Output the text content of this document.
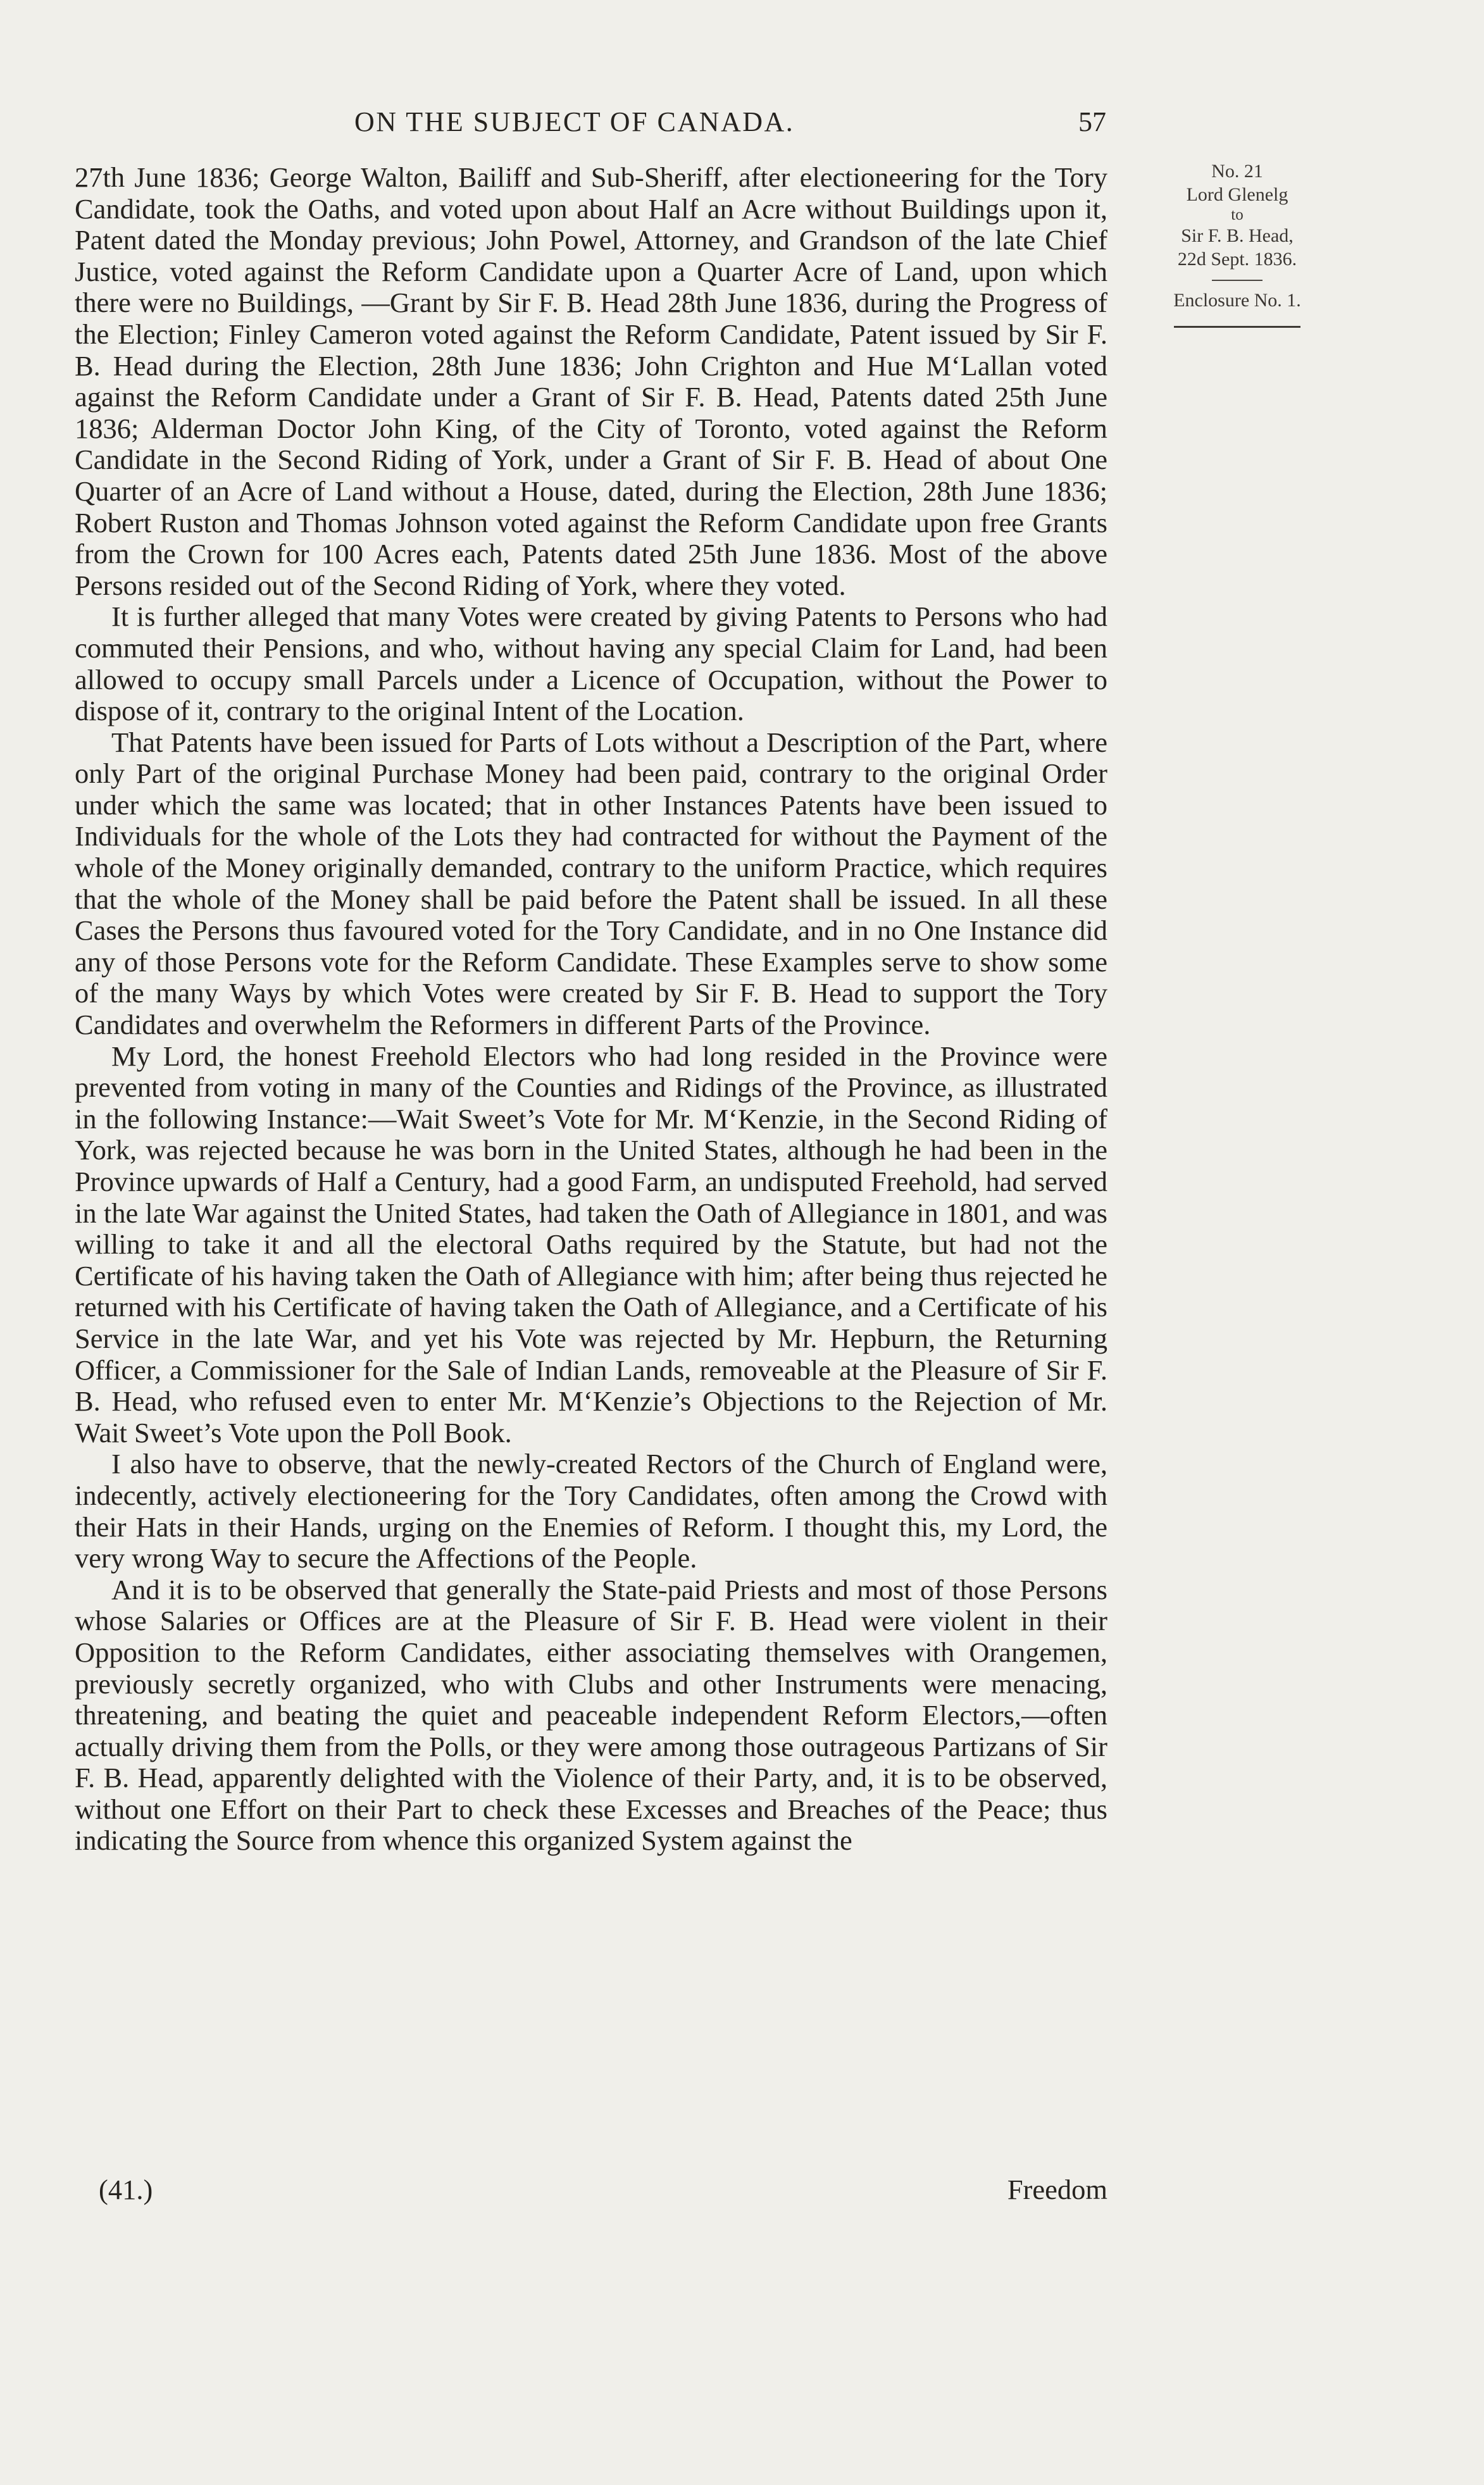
ON THE SUBJECT OF CANADA.	57

27th June 1836; George Walton, Bailiff and Sub-Sheriff, after electioneering for the Tory Candidate, took the Oaths, and voted upon about Half an Acre without Buildings upon it, Patent dated the Monday previous; John Powel, Attorney, and Grandson of the late Chief Justice, voted against the Reform Candidate upon a Quarter Acre of Land, upon which there were no Buildings, —Grant by Sir F. B. Head 28th June 1836, during the Progress of the Election; Finley Cameron voted against the Reform Candidate, Patent issued by Sir F. B. Head during the Election, 28th June 1836; John Crighton and Hue M‘Lallan voted against the Reform Candidate under a Grant of Sir F. B. Head, Patents dated 25th June 1836; Alderman Doctor John King, of the City of Toronto, voted against the Reform Candidate in the Second Riding of York, under a Grant of Sir F. B. Head of about One Quarter of an Acre of Land without a House, dated, during the Election, 28th June 1836; Robert Ruston and Thomas Johnson voted against the Reform Candidate upon free Grants from the Crown for 100 Acres each, Patents dated 25th June 1836. Most of the above Persons resided out of the Second Riding of York, where they voted.

It is further alleged that many Votes were created by giving Patents to Persons who had commuted their Pensions, and who, without having any special Claim for Land, had been allowed to occupy small Parcels under a Licence of Occupation, without the Power to dispose of it, contrary to the original Intent of the Location.

That Patents have been issued for Parts of Lots without a Description of the Part, where only Part of the original Purchase Money had been paid, contrary to the original Order under which the same was located; that in other Instances Patents have been issued to Individuals for the whole of the Lots they had contracted for without the Payment of the whole of the Money originally demanded, contrary to the uniform Practice, which requires that the whole of the Money shall be paid before the Patent shall be issued. In all these Cases the Persons thus favoured voted for the Tory Candidate, and in no One Instance did any of those Persons vote for the Reform Candidate. These Examples serve to show some of the many Ways by which Votes were created by Sir F. B. Head to support the Tory Candidates and overwhelm the Reformers in different Parts of the Province.

My Lord, the honest Freehold Electors who had long resided in the Province were prevented from voting in many of the Counties and Ridings of the Province, as illustrated in the following Instance:—Wait Sweet’s Vote for Mr. M‘Kenzie, in the Second Riding of York, was rejected because he was born in the United States, although he had been in the Province upwards of Half a Century, had a good Farm, an undisputed Freehold, had served in the late War against the United States, had taken the Oath of Allegiance in 1801, and was willing to take it and all the electoral Oaths required by the Statute, but had not the Certificate of his having taken the Oath of Allegiance with him; after being thus rejected he returned with his Certificate of having taken the Oath of Allegiance, and a Certificate of his Service in the late War, and yet his Vote was rejected by Mr. Hepburn, the Returning Officer, a Commissioner for the Sale of Indian Lands, removeable at the Pleasure of Sir F. B. Head, who refused even to enter Mr. M‘Kenzie’s Objections to the Rejection of Mr. Wait Sweet’s Vote upon the Poll Book.

I also have to observe, that the newly-created Rectors of the Church of England were, indecently, actively electioneering for the Tory Candidates, often among the Crowd with their Hats in their Hands, urging on the Enemies of Reform. I thought this, my Lord, the very wrong Way to secure the Affections of the People.

And it is to be observed that generally the State-paid Priests and most of those Persons whose Salaries or Offices are at the Pleasure of Sir F. B. Head were violent in their Opposition to the Reform Candidates, either associating themselves with Orangemen, previously secretly organized, who with Clubs and other Instruments were menacing, threatening, and beating the quiet and peaceable independent Reform Electors,—often actually driving them from the Polls, or they were among those outrageous Partizans of Sir F. B. Head, apparently delighted with the Violence of their Party, and, it is to be observed, without one Effort on their Part to check these Excesses and Breaches of the Peace; thus indicating the Source from whence this organized System against the

No. 21
Lord Glenelg
to
Sir F. B. Head,
22d Sept. 1836.
Enclosure No. 1.
(41.)	Freedom
